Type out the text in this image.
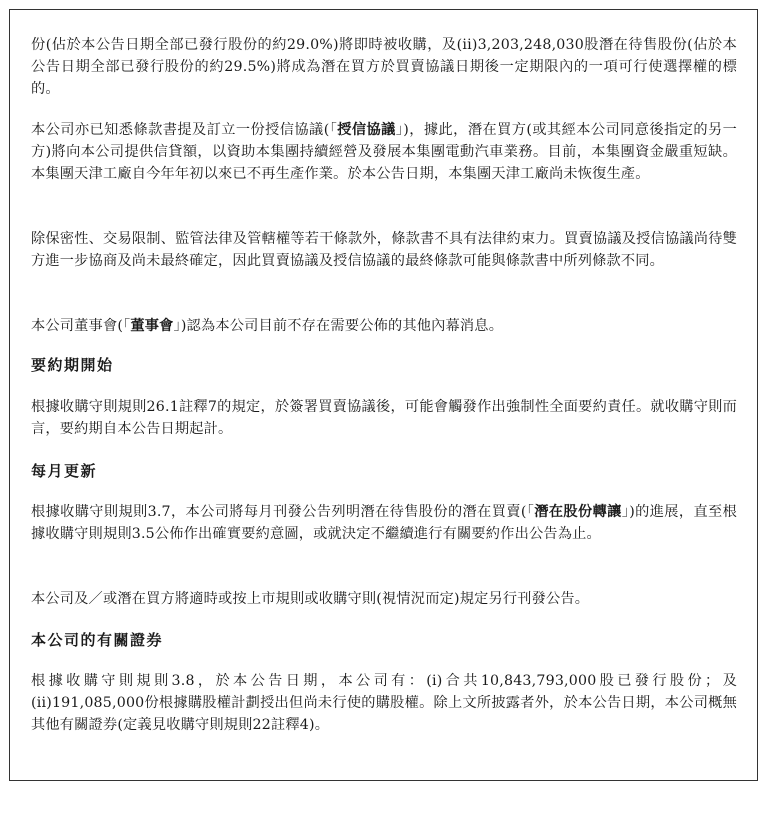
份(佔於本公告日期全部已發行股份的約29.0%)將即時被收購，及(ii)3,203,248,030股潛在待售股份(佔於本公告日期全部已發行股份的約29.5%)將成為潛在買方於買賣協議日期後一定期限內的一項可行使選擇權的標的。

本公司亦已知悉條款書提及訂立一份授信協議(「授信協議」)，據此，潛在買方(或其經本公司同意後指定的另一方)將向本公司提供信貸額，以資助本集團持續經營及發展本集團電動汽車業務。目前，本集團資金嚴重短缺。本集團天津工廠自今年年初以來已不再生產作業。於本公告日期，本集團天津工廠尚未恢復生產。

除保密性、交易限制、監管法律及管轄權等若干條款外，條款書不具有法律約束力。買賣協議及授信協議尚待雙方進一步協商及尚未最終確定，因此買賣協議及授信協議的最終條款可能與條款書中所列條款不同。

本公司董事會(「董事會」)認為本公司目前不存在需要公佈的其他內幕消息。

要約期開始

根據收購守則規則26.1註釋7的規定，於簽署買賣協議後，可能會觸發作出強制性全面要約責任。就收購守則而言，要約期自本公告日期起計。

每月更新

根據收購守則規則3.7，本公司將每月刊發公告列明潛在待售股份的潛在買賣(「潛在股份轉讓」)的進展，直至根據收購守則規則3.5公佈作出確實要約意圖，或就決定不繼續進行有關要約作出公告為止。

本公司及／或潛在買方將適時或按上市規則或收購守則(視情況而定)規定另行刊發公告。

本公司的有關證券

根據收購守則規則3.8，於本公告日期，本公司有：(i)合共10,843,793,000股已發行股份；及(ii)191,085,000份根據購股權計劃授出但尚未行使的購股權。除上文所披露者外，於本公告日期，本公司概無其他有關證券(定義見收購守則規則22註釋4)。
